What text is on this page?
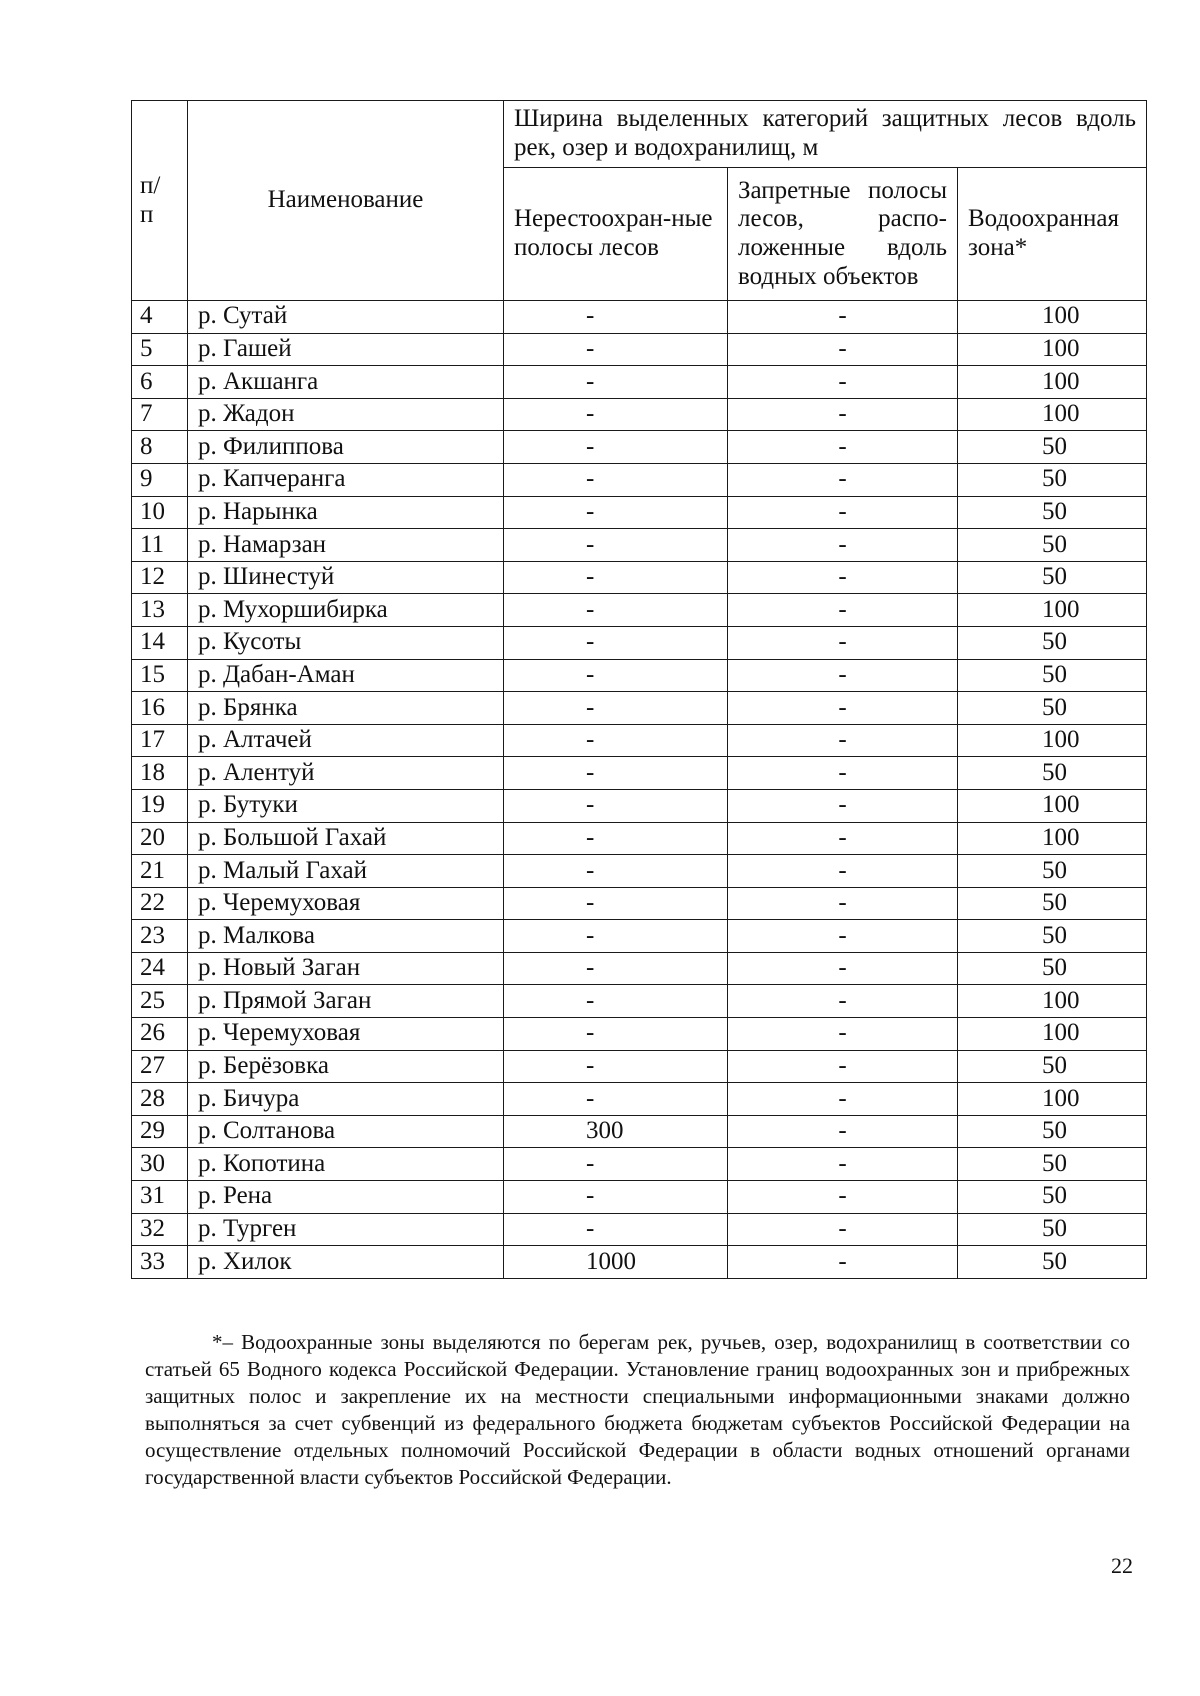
п/
п	Наименование	Ширина выделенных категорий защитных лесов вдоль рек, озер и водохранилищ, м		
		Нерестоохран-ные полосы лесов	Запретные полосы лесов, расположенные вдоль водных объектов	Водоохранная зона*
4	р. Сутай	-	-	100
5	р. Гашей	-	-	100
6	р. Акшанга	-	-	100
7	р. Жадон	-	-	100
8	р. Филиппова	-	-	50
9	р. Капчеранга	-	-	50
10	р. Нарынка	-	-	50
11	р. Намарзан	-	-	50
12	р. Шинестуй	-	-	50
13	р. Мухоршибирка	-	-	100
14	р. Кусоты	-	-	50
15	р. Дабан-Аман	-	-	50
16	р. Брянка	-	-	50
17	р. Алтачей	-	-	100
18	р. Алентуй	-	-	50
19	р. Бутуки	-	-	100
20	р. Большой Гахай	-	-	100
21	р. Малый Гахай	-	-	50
22	р. Черемуховая	-	-	50
23	р. Малкова	-	-	50
24	р. Новый Заган	-	-	50
25	р. Прямой Заган	-	-	100
26	р. Черемуховая	-	-	100
27	р. Берёзовка	-	-	50
28	р. Бичура	-	-	100
29	р. Солтанова	300	-	50
30	р. Копотина	-	-	50
31	р. Рена	-	-	50
32	р. Турген	-	-	50
33	р. Хилок	1000	-	50

*– Водоохранные зоны выделяются по берегам рек, ручьев, озер, водохранилищ в соответствии со статьей 65 Водного кодекса Российской Федерации. Установление границ водоохранных зон и прибрежных защитных полос и закрепление их на местности специальными информационными знаками должно выполняться за счет субвенций из федерального бюджета бюджетам субъектов Российской Федерации на осуществление отдельных полномочий Российской Федерации в области водных отношений органами государственной власти субъектов Российской Федерации.

22
